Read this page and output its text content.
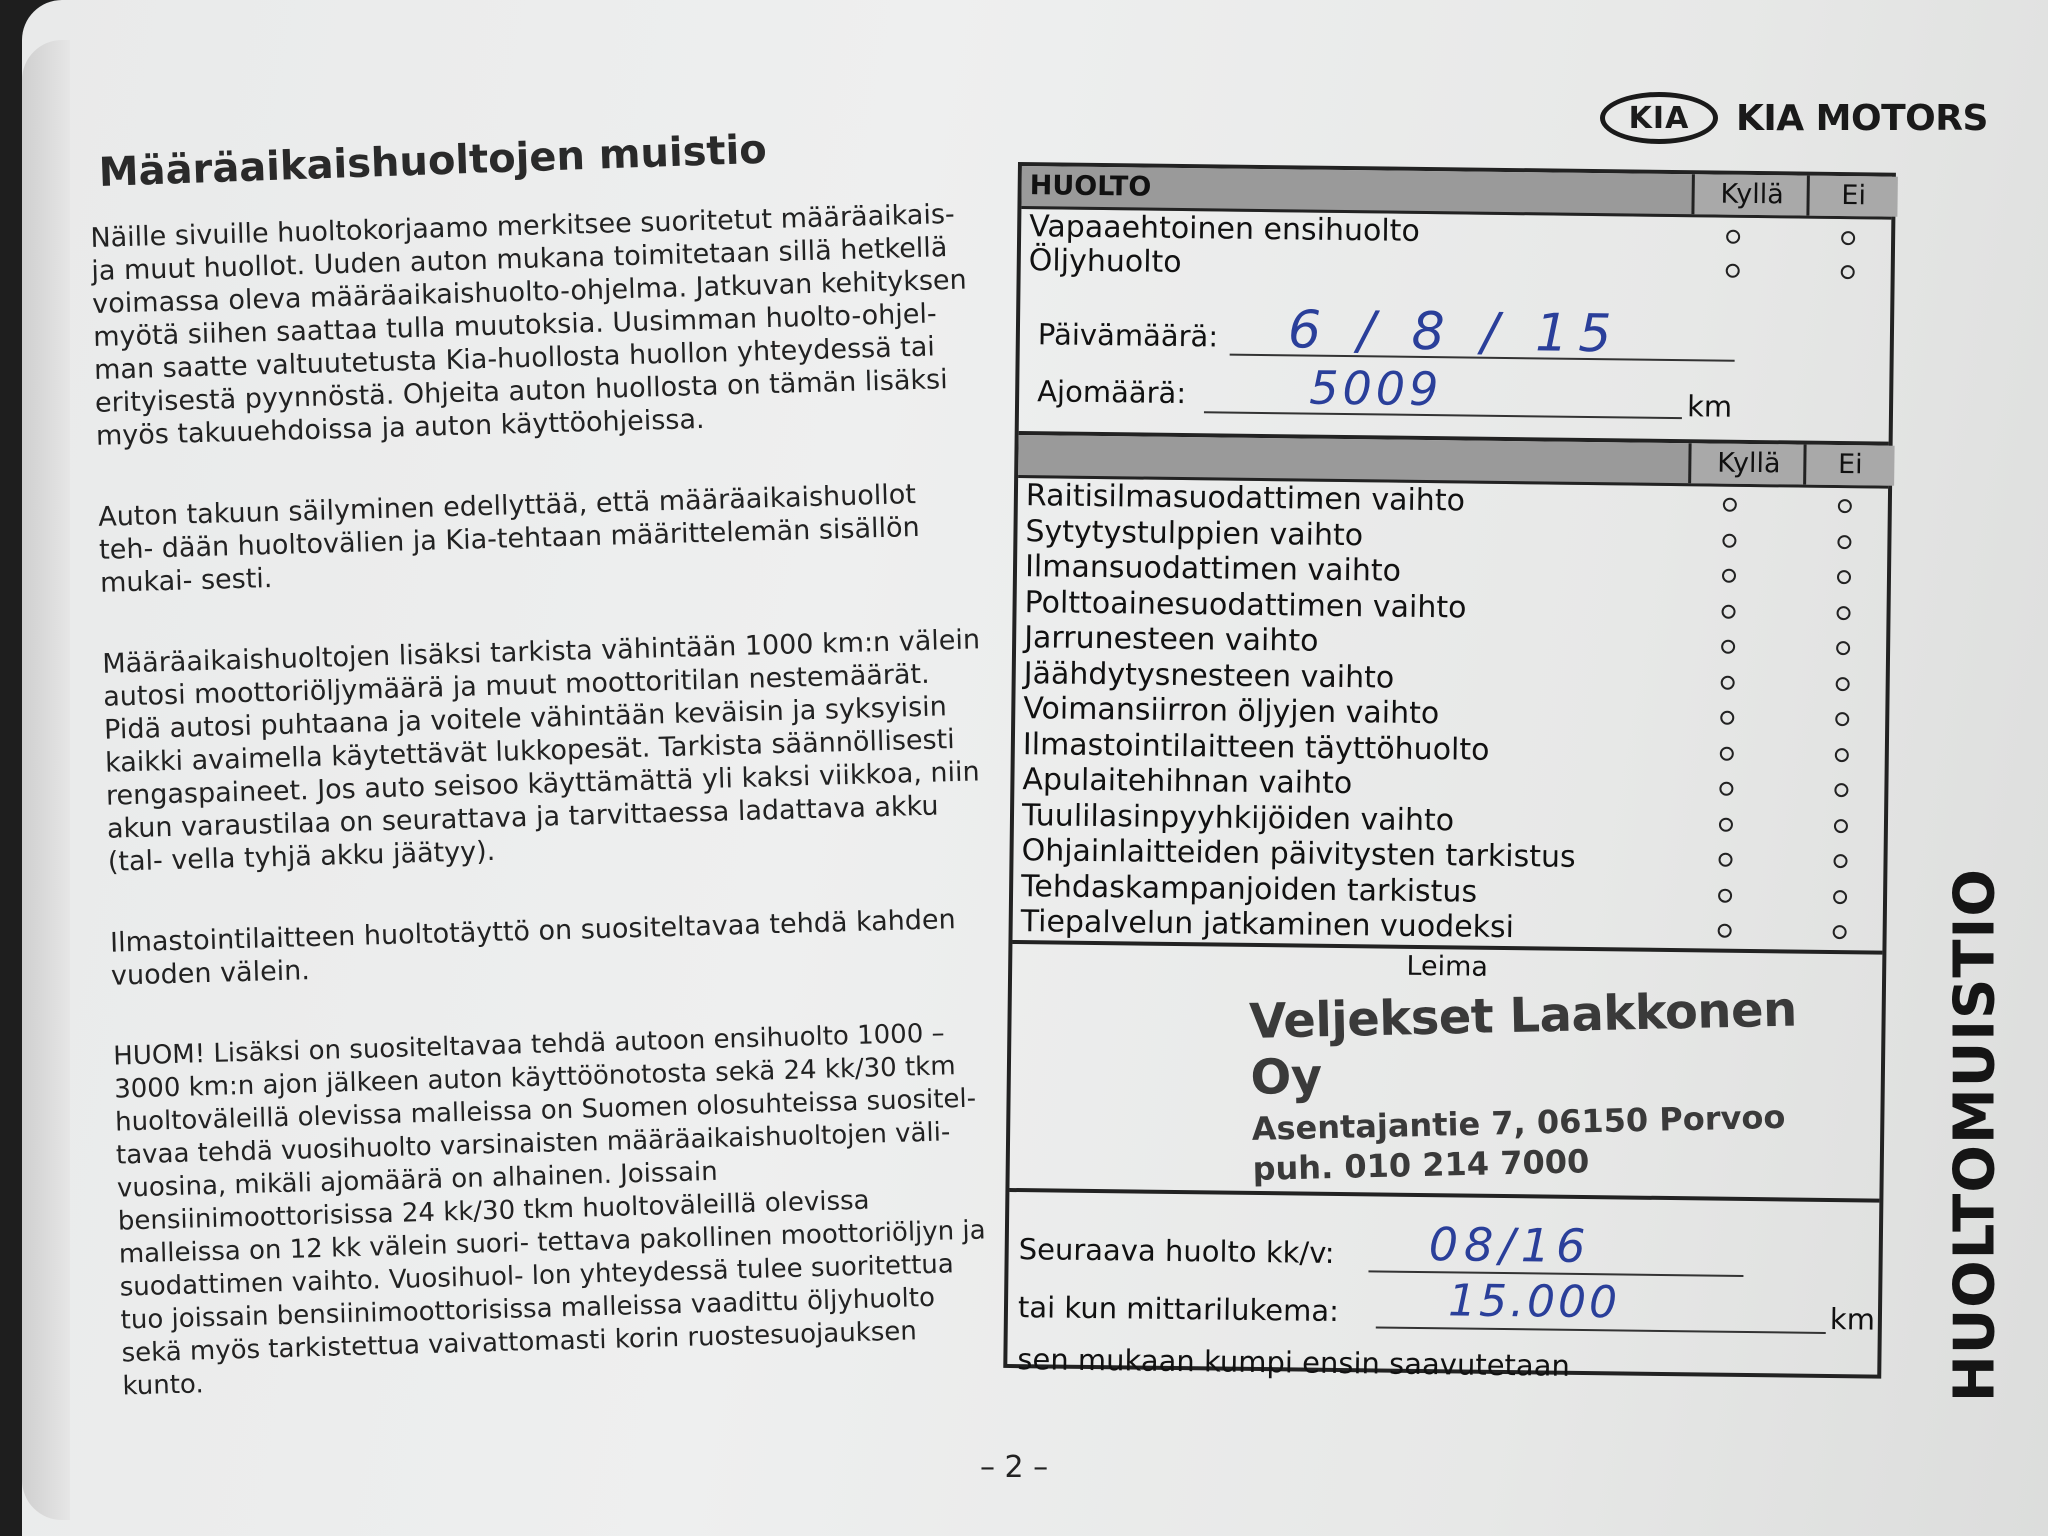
Määräaikaishuoltojen muistio

Näille sivuille huoltokorjaamo merkitsee suoritetut määräaikais- ja muut huollot. Uuden auton mukana toimitetaan sillä hetkellä voimassa oleva määräaikaishuolto-ohjelma. Jatkuvan kehityksen myötä siihen saattaa tulla muutoksia. Uusimman huolto-ohjel- man saatte valtuutetusta Kia-huollosta huollon yhteydessä tai erityisestä pyynnöstä. Ohjeita auton huollosta on tämän lisäksi myös takuuehdoissa ja auton käyttöohjeissa.

Auton takuun säilyminen edellyttää, että määräaikaishuollot teh- dään huoltovälien ja Kia-tehtaan määrittelemän sisällön mukai- sesti.

Määräaikaishuoltojen lisäksi tarkista vähintään 1000 km:n välein autosi moottoriöljymäärä ja muut moottoritilan nestemäärät. Pidä autosi puhtaana ja voitele vähintään keväisin ja syksyisin kaikki avaimella käytettävät lukkopesät. Tarkista säännöllisesti rengaspaineet. Jos auto seisoo käyttämättä yli kaksi viikkoa, niin akun varaustilaa on seurattava ja tarvittaessa ladattava akku (tal- vella tyhjä akku jäätyy).

Ilmastointilaitteen huoltotäyttö on suositeltavaa tehdä kahden vuoden välein.

HUOM! Lisäksi on suositeltavaa tehdä autoon ensihuolto 1000 – 3000 km:n ajon jälkeen auton käyttöönotosta sekä 24 kk/30 tkm huoltoväleillä olevissa malleissa on Suomen olosuhteissa suositel- tavaa tehdä vuosihuolto varsinaisten määräaikaishuoltojen väli- vuosina, mikäli ajomäärä on alhainen. Joissain bensiinimoottorisissa 24 kk/30 tkm huoltoväleillä olevissa malleissa on 12 kk välein suori- tettava pakollinen moottoriöljyn ja suodattimen vaihto. Vuosihuol- lon yhteydessä tulee suoritettua tuo joissain bensiinimoottorisissa malleissa vaadittu öljyhuolto sekä myös tarkistettua vaivattomasti korin ruostesuojauksen kunto.

KIA KIA MOTORS
HUOLTO	Kyllä	Ei
Vapaaehtoinen ensihuolto
Öljyhuolto
Päivämäärä: 6 / 8 / 15
Ajomäärä:	5009	km
Kyllä	Ei
Raitisilmasuodattimen vaihto
Sytytystulppien vaihto
Ilmansuodattimen vaihto
Polttoainesuodattimen vaihto
Jarrunesteen vaihto
Jäähdytysnesteen vaihto
Voimansiirron öljyjen vaihto
Ilmastointilaitteen täyttöhuolto
Apulaitehihnan vaihto
Tuulilasinpyyhkijöiden vaihto
Ohjainlaitteiden päivitysten tarkistus
Tehdaskampanjoiden tarkistus
Tiepalvelun jatkaminen vuodeksi
Leima
Veljekset Laakkonen Oy
Asentajantie 7, 06150 Porvoo
puh. 010 214 7000
Seuraava huolto kk/v: 08/16
tai kun mittarilukema: 15.000	km
sen mukaan kumpi ensin saavutetaan	HUOLTOMUISTIO
– 2 –
